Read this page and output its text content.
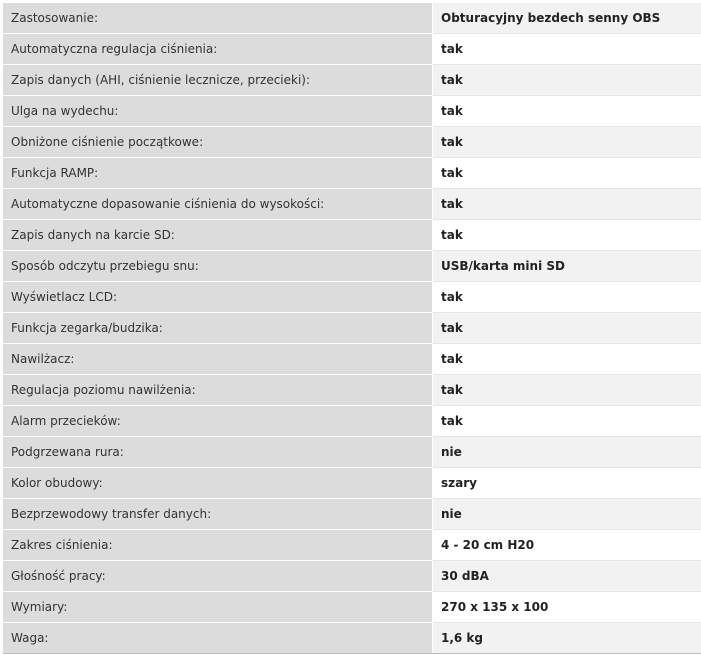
Zastosowanie:	Obturacyjny bezdech senny OBS
Automatyczna regulacja ciśnienia:	tak
Zapis danych (AHI, ciśnienie lecznicze, przecieki):	tak
Ulga na wydechu:	tak
Obniżone ciśnienie początkowe:	tak
Funkcja RAMP:	tak
Automatyczne dopasowanie ciśnienia do wysokości:	tak
Zapis danych na karcie SD:	tak
Sposób odczytu przebiegu snu:	USB/karta mini SD
Wyświetlacz LCD:	tak
Funkcja zegarka/budzika:	tak
Nawilżacz:	tak
Regulacja poziomu nawilżenia:	tak
Alarm przecieków:	tak
Podgrzewana rura:	nie
Kolor obudowy:	szary
Bezprzewodowy transfer danych:	nie
Zakres ciśnienia:	4 - 20 cm H20
Głośność pracy:	30 dBA
Wymiary:	270 x 135 x 100
Waga:	1,6 kg
